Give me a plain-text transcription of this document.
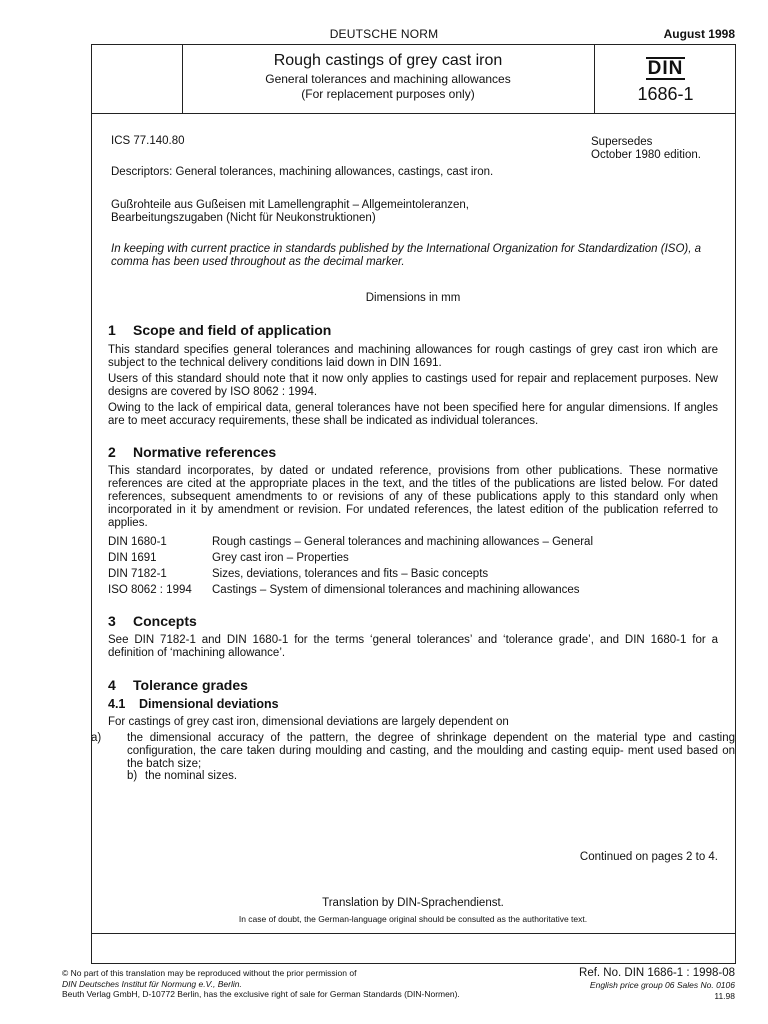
DEUTSCHE NORM	August 1998
Rough castings of grey cast iron
General tolerances and machining allowances
(For replacement purposes only)
DIN
1686-1
ICS 77.140.80	Supersedes
October 1980 edition.
Descriptors: General tolerances, machining allowances, castings, cast iron.
Gußrohteile aus Gußeisen mit Lamellengraphit – Allgemeintoleranzen,
Bearbeitungszugaben (Nicht für Neukonstruktionen)
In keeping with current practice in standards published by the International Organization for Standardization (ISO), a comma has been used throughout as the decimal marker.
Dimensions in mm
1 Scope and field of application
This standard specifies general tolerances and machining allowances for rough castings of grey cast iron which are subject to the technical delivery conditions laid down in DIN 1691.
Users of this standard should note that it now only applies to castings used for repair and replacement purposes. New designs are covered by ISO 8062 : 1994.
Owing to the lack of empirical data, general tolerances have not been specified here for angular dimensions. If angles are to meet accuracy requirements, these shall be indicated as individual tolerances.
2 Normative references
This standard incorporates, by dated or undated reference, provisions from other publications. These normative references are cited at the appropriate places in the text, and the titles of the publications are listed below. For dated references, subsequent amendments to or revisions of any of these publications apply to this standard only when incorporated in it by amendment or revision. For undated references, the latest edition of the publication referred to applies.
DIN 1680-1	Rough castings – General tolerances and machining allowances – General
DIN 1691	Grey cast iron – Properties
DIN 7182-1	Sizes, deviations, tolerances and fits – Basic concepts
ISO 8062 : 1994 Castings – System of dimensional tolerances and machining allowances
3 Concepts
See DIN 7182-1 and DIN 1680-1 for the terms ‘general tolerances’ and ‘tolerance grade’, and DIN 1680-1 for a definition of ‘machining allowance’.
4 Tolerance grades
4.1 Dimensional deviations
For castings of grey cast iron, dimensional deviations are largely dependent on
a) the dimensional accuracy of the pattern, the degree of shrinkage dependent on the material type and casting configuration, the care taken during moulding and casting, and the moulding and casting equip- ment used based on the batch size;
b) the nominal sizes.
Continued on pages 2 to 4.
Translation by DIN-Sprachendienst.
In case of doubt, the German-language original should be consulted as the authoritative text.
© No part of this translation may be reproduced without the prior permission of
DIN Deutsches Institut für Normung e.V., Berlin.
Beuth Verlag GmbH, D-10772 Berlin, has the exclusive right of sale for German Standards (DIN-Normen).
Ref. No. DIN 1686-1 : 1998-08
English price group 06 Sales No. 0106
11.98
